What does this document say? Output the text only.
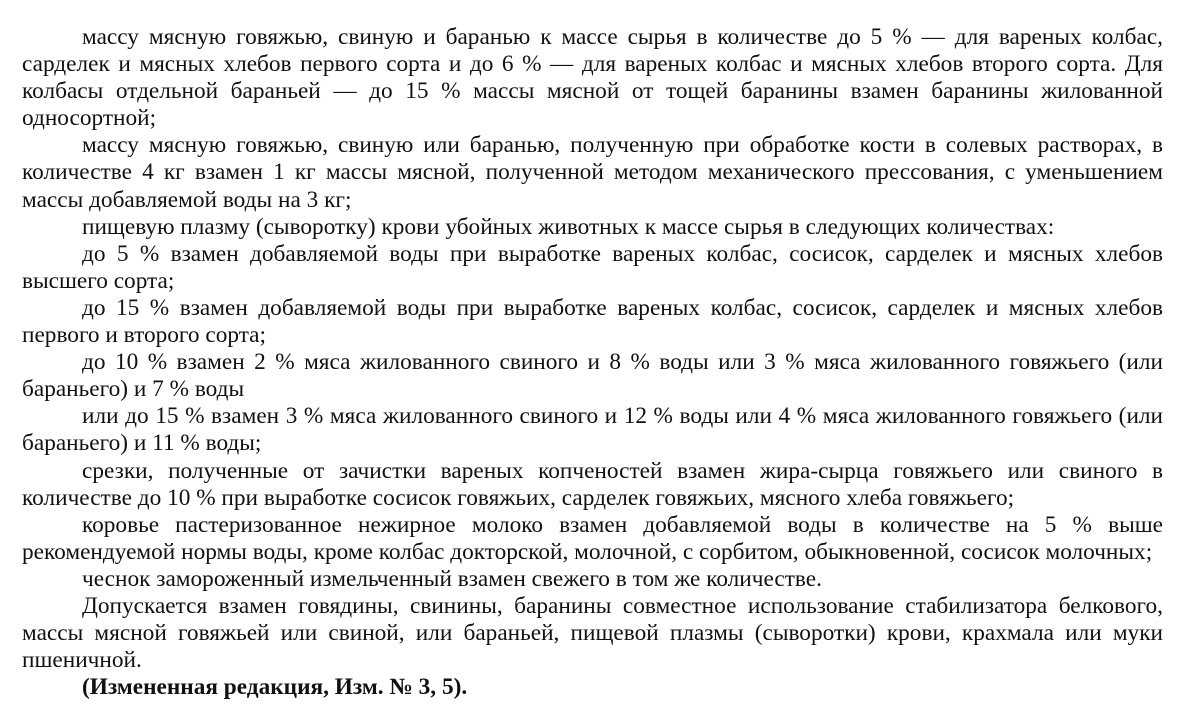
массу мясную говяжью, свиную и баранью к массе сырья в количестве до 5 % — для вареных колбас, сарделек и мясных хлебов первого сорта и до 6 % — для вареных колбас и мясных хлебов второго сорта. Для колбасы отдельной бараньей — до 15 % массы мясной от тощей баранины взамен баранины жилованной односортной;

массу мясную говяжью, свиную или баранью, полученную при обработке кости в солевых растворах, в количестве 4 кг взамен 1 кг массы мясной, полученной методом механического прессования, с уменьшением массы добавляемой воды на 3 кг;

пищевую плазму (сыворотку) крови убойных животных к массе сырья в следующих количествах:

до 5 % взамен добавляемой воды при выработке вареных колбас, сосисок, сарделек и мясных хлебов высшего сорта;

до 15 % взамен добавляемой воды при выработке вареных колбас, сосисок, сарделек и мясных хлебов первого и второго сорта;

до 10 % взамен 2 % мяса жилованного свиного и 8 % воды или 3 % мяса жилованного говяжьего (или бараньего) и 7 % воды

или до 15 % взамен 3 % мяса жилованного свиного и 12 % воды или 4 % мяса жилованного говяжьего (или бараньего) и 11 % воды;

срезки, полученные от зачистки вареных копченостей взамен жира-сырца говяжьего или свиного в количестве до 10 % при выработке сосисок говяжьих, сарделек говяжьих, мясного хлеба говяжьего;

коровье пастеризованное нежирное молоко взамен добавляемой воды в количестве на 5 % выше рекомендуемой нормы воды, кроме колбас докторской, молочной, с сорбитом, обыкновенной, сосисок молочных;

чеснок замороженный измельченный взамен свежего в том же количестве.

Допускается взамен говядины, свинины, баранины совместное использование стабилизатора белкового, массы мясной говяжьей или свиной, или бараньей, пищевой плазмы (сыворотки) крови, крахмала или муки пшеничной.

(Измененная редакция, Изм. № 3, 5).
